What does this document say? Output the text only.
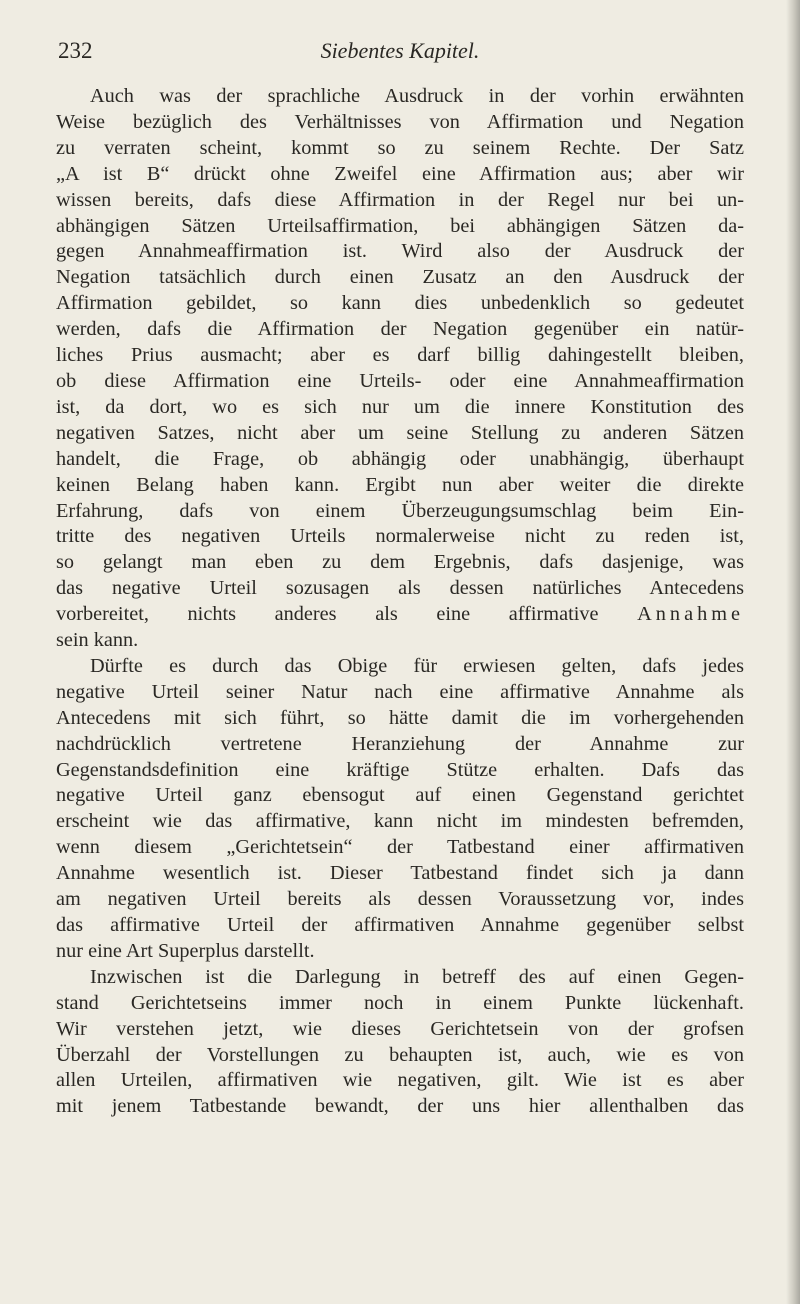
232	Siebentes Kapitel.
Auch was der sprachliche Ausdruck in der vorhin erwähnten
Weise bezüglich des Verhältnisses von Affirmation und Negation
zu verraten scheint, kommt so zu seinem Rechte. Der Satz
„A ist B“ drückt ohne Zweifel eine Affirmation aus; aber wir
wissen bereits, dafs diese Affirmation in der Regel nur bei un-
abhängigen Sätzen Urteilsaffirmation, bei abhängigen Sätzen da-
gegen Annahmeaffirmation ist. Wird also der Ausdruck der
Negation tatsächlich durch einen Zusatz an den Ausdruck der
Affirmation gebildet, so kann dies unbedenklich so gedeutet
werden, dafs die Affirmation der Negation gegenüber ein natür-
liches Prius ausmacht; aber es darf billig dahingestellt bleiben,
ob diese Affirmation eine Urteils- oder eine Annahmeaffirmation
ist, da dort, wo es sich nur um die innere Konstitution des
negativen Satzes, nicht aber um seine Stellung zu anderen Sätzen
handelt, die Frage, ob abhängig oder unabhängig, überhaupt
keinen Belang haben kann. Ergibt nun aber weiter die direkte
Erfahrung, dafs von einem Überzeugungsumschlag beim Ein-
tritte des negativen Urteils normalerweise nicht zu reden ist,
so gelangt man eben zu dem Ergebnis, dafs dasjenige, was
das negative Urteil sozusagen als dessen natürliches Antecedens
vorbereitet, nichts anderes als eine affirmative Annahme
sein kann.
Dürfte es durch das Obige für erwiesen gelten, dafs jedes
negative Urteil seiner Natur nach eine affirmative Annahme als
Antecedens mit sich führt, so hätte damit die im vorhergehenden
nachdrücklich vertretene Heranziehung der Annahme zur
Gegenstandsdefinition eine kräftige Stütze erhalten. Dafs das
negative Urteil ganz ebensogut auf einen Gegenstand gerichtet
erscheint wie das affirmative, kann nicht im mindesten befremden,
wenn diesem „Gerichtetsein“ der Tatbestand einer affirmativen
Annahme wesentlich ist. Dieser Tatbestand findet sich ja dann
am negativen Urteil bereits als dessen Voraussetzung vor, indes
das affirmative Urteil der affirmativen Annahme gegenüber selbst
nur eine Art Superplus darstellt.
Inzwischen ist die Darlegung in betreff des auf einen Gegen-
stand Gerichtetseins immer noch in einem Punkte lückenhaft.
Wir verstehen jetzt, wie dieses Gerichtetsein von der grofsen
Überzahl der Vorstellungen zu behaupten ist, auch, wie es von
allen Urteilen, affirmativen wie negativen, gilt. Wie ist es aber
mit jenem Tatbestande bewandt, der uns hier allenthalben das
